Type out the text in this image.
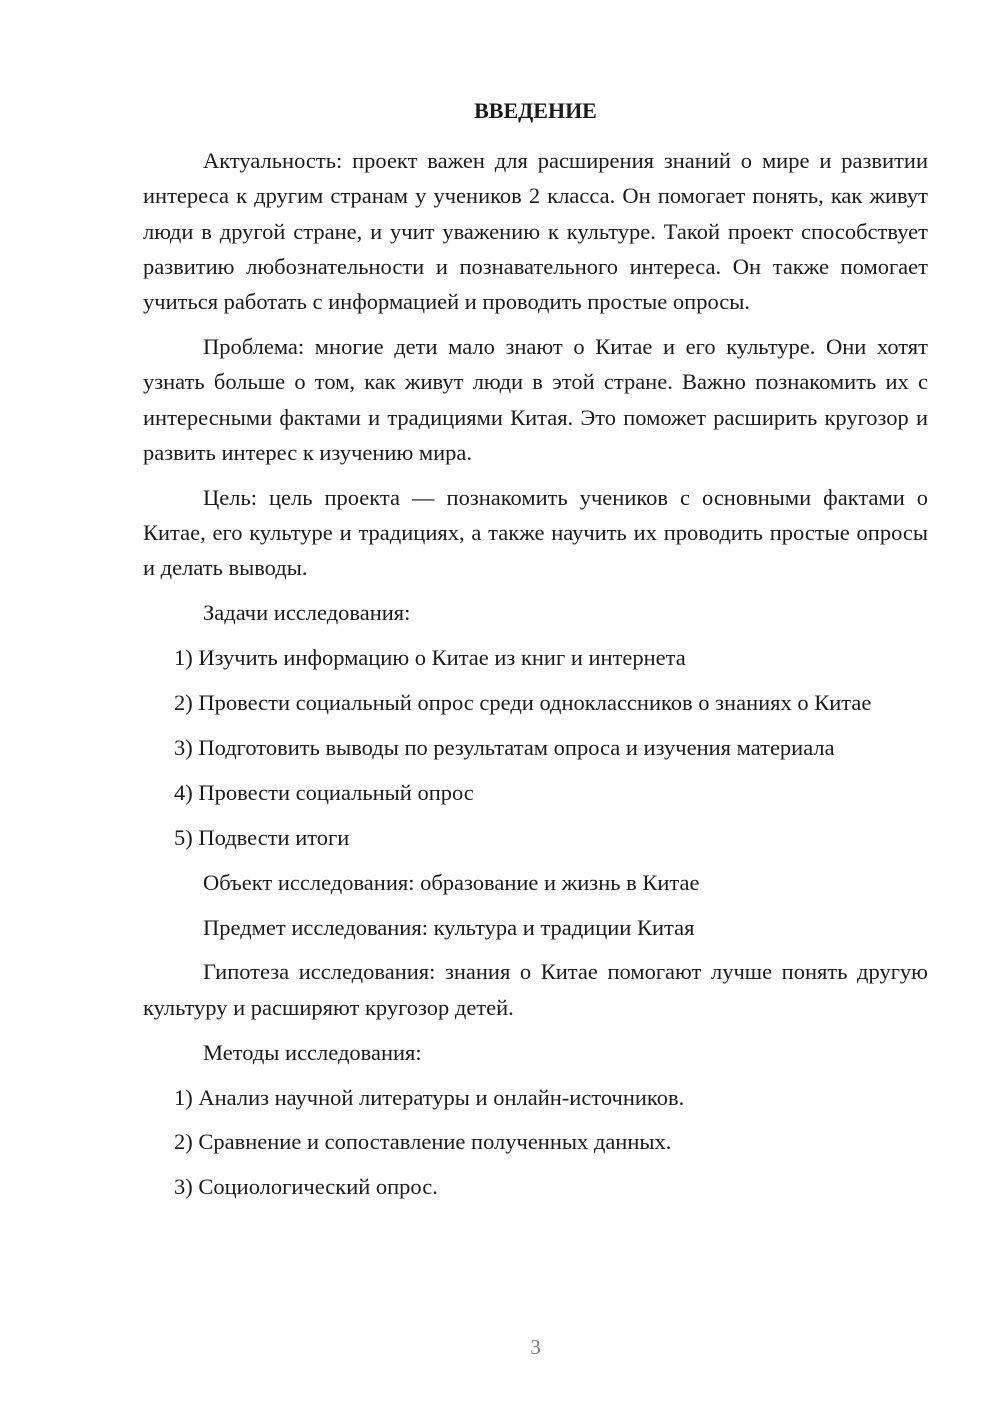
ВВЕДЕНИЕ

Актуальность: проект важен для расширения знаний о мире и развитии интереса к другим странам у учеников 2 класса. Он помогает понять, как живут люди в другой стране, и учит уважению к культуре. Такой проект способствует развитию любознательности и познавательного интереса. Он также помогает учиться работать с информацией и проводить простые опросы.

Проблема: многие дети мало знают о Китае и его культуре. Они хотят узнать больше о том, как живут люди в этой стране. Важно познакомить их с интересными фактами и традициями Китая. Это поможет расширить кругозор и развить интерес к изучению мира.

Цель: цель проекта — познакомить учеников с основными фактами о Китае, его культуре и традициях, а также научить их проводить простые опросы и делать выводы.

Задачи исследования:

1) Изучить информацию о Китае из книг и интернета

2) Провести социальный опрос среди одноклассников о знаниях о Китае

3) Подготовить выводы по результатам опроса и изучения материала

4) Провести социальный опрос

5) Подвести итоги

Объект исследования: образование и жизнь в Китае

Предмет исследования: культура и традиции Китая

Гипотеза исследования: знания о Китае помогают лучше понять другую культуру и расширяют кругозор детей.

Методы исследования:

1) Анализ научной литературы и онлайн-источников.

2) Сравнение и сопоставление полученных данных.

3) Социологический опрос.

3
